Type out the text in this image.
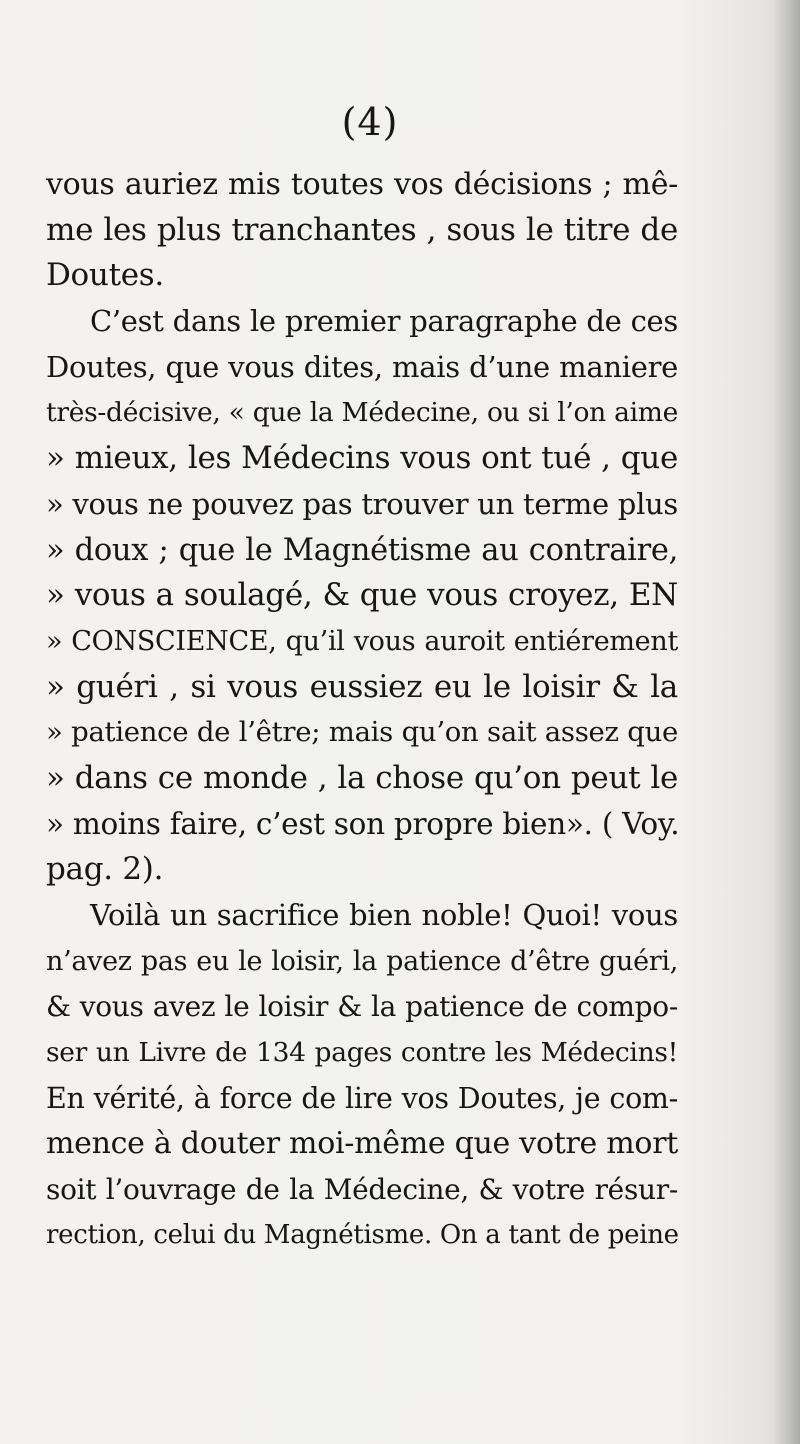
(4)
vous auriez mis toutes vos décisions ; mê-
me les plus tranchantes , sous le titre de
Doutes.
C’est dans le premier paragraphe de ces
Doutes, que vous dites, mais d’une maniere
très-décisive, « que la Médecine, ou si l’on aime
» mieux, les Médecins vous ont tué , que
» vous ne pouvez pas trouver un terme plus
» doux ; que le Magnétisme au contraire,
» vous a soulagé, & que vous croyez, EN
» CONSCIENCE, qu’il vous auroit entiérement
» guéri , si vous eussiez eu le loisir & la
» patience de l’être; mais qu’on sait assez que
» dans ce monde , la chose qu’on peut le
» moins faire, c’est son propre bien». ( Voy.
pag. 2).
Voilà un sacrifice bien noble! Quoi! vous
n’avez pas eu le loisir, la patience d’être guéri,
& vous avez le loisir & la patience de compo-
ser un Livre de 134 pages contre les Médecins!
En vérité, à force de lire vos Doutes, je com-
mence à douter moi-même que votre mort
soit l’ouvrage de la Médecine, & votre résur-
rection, celui du Magnétisme. On a tant de peine
